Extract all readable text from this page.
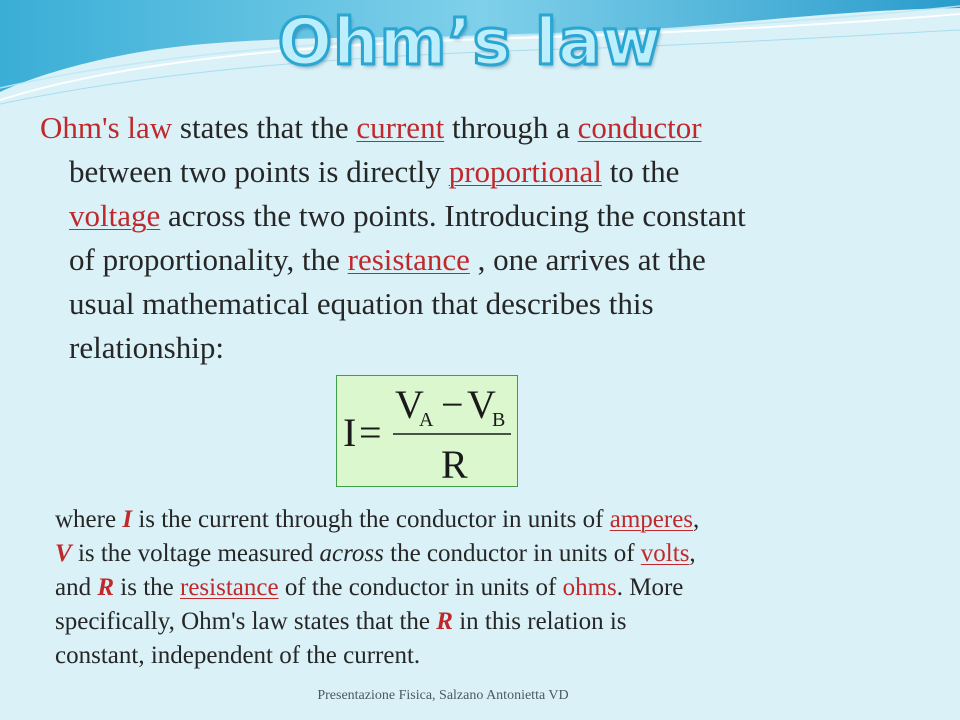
Ohm’s law
Ohm's law states that the current through a conductor
between two points is directly proportional to the
voltage across the two points. Introducing the constant
of proportionality, the resistance , one arrives at the
usual mathematical equation that describes this
relationship:
I =
V
A − V
B
R
where I is the current through the conductor in units of amperes,
V is the voltage measured across the conductor in units of volts,
and R is the resistance of the conductor in units of ohms. More
specifically, Ohm's law states that the R in this relation is
constant, independent of the current.
Presentazione Fisica, Salzano Antonietta VD
